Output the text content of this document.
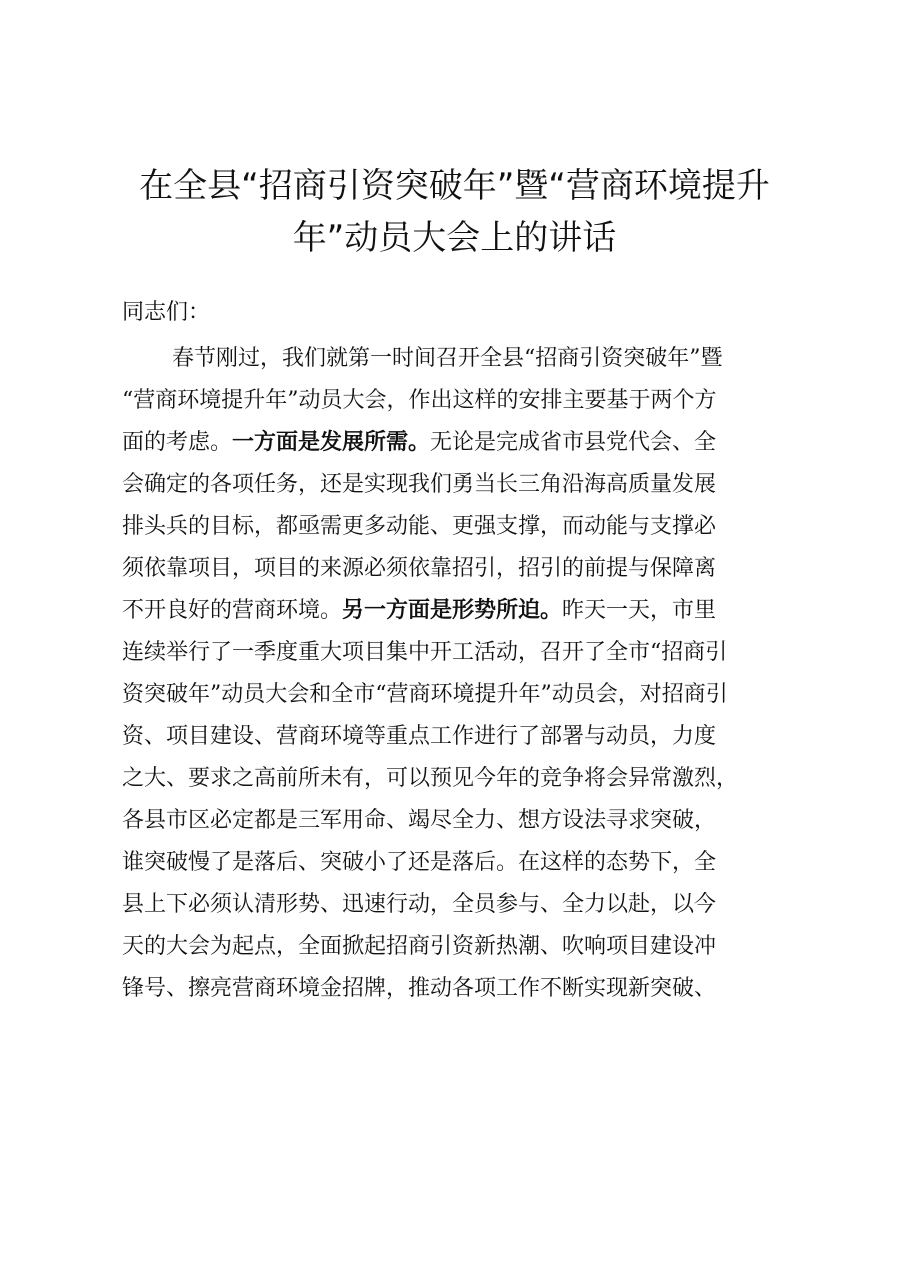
在全县“招商引资突破年”暨“营商环境提升
年”动员大会上的讲话

同志们：

春节刚过，我们就第一时间召开全县“招商引资突破年”暨
“营商环境提升年”动员大会，作出这样的安排主要基于两个方
面的考虑。一方面是发展所需。无论是完成省市县党代会、全
会确定的各项任务，还是实现我们勇当长三角沿海高质量发展
排头兵的目标，都亟需更多动能、更强支撑，而动能与支撑必
须依靠项目，项目的来源必须依靠招引，招引的前提与保障离
不开良好的营商环境。另一方面是形势所迫。昨天一天，市里
连续举行了一季度重大项目集中开工活动，召开了全市“招商引
资突破年”动员大会和全市“营商环境提升年”动员会，对招商引
资、项目建设、营商环境等重点工作进行了部署与动员，力度
之大、要求之高前所未有，可以预见今年的竞争将会异常激烈，
各县市区必定都是三军用命、竭尽全力、想方设法寻求突破，
谁突破慢了是落后、突破小了还是落后。在这样的态势下，全
县上下必须认清形势、迅速行动，全员参与、全力以赴，以今
天的大会为起点，全面掀起招商引资新热潮、吹响项目建设冲
锋号、擦亮营商环境金招牌，推动各项工作不断实现新突破、
